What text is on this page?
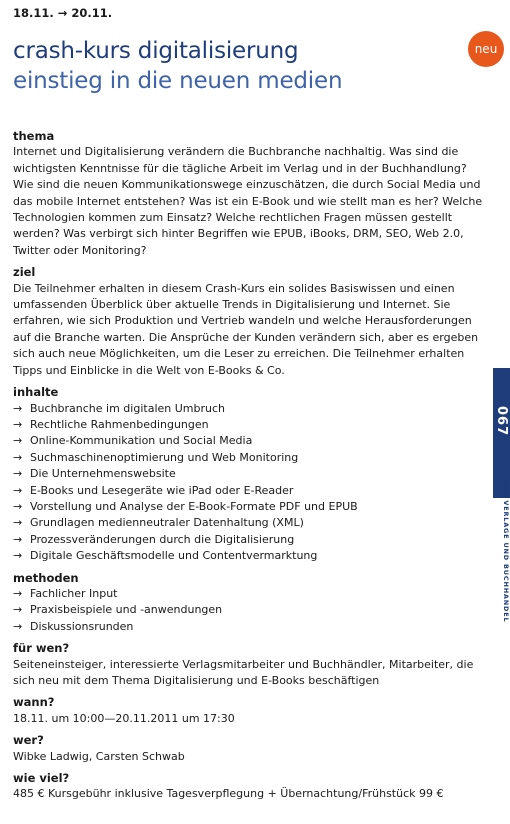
18.11. → 20.11.
crash-kurs digitalisierung
einstieg in die neuen medien
neu
thema
Internet und Digitalisierung verändern die Buchbranche nachhaltig. Was sind die wichtigsten Kenntnisse für die tägliche Arbeit im Verlag und in der Buchhandlung? Wie sind die neuen Kommunikationswege einzuschätzen, die durch Social Media und das mobile Internet entstehen? Was ist ein E-Book und wie stellt man es her? Welche Technologien kommen zum Einsatz? Welche rechtlichen Fragen müssen gestellt werden? Was verbirgt sich hinter Begriffen wie EPUB, iBooks, DRM, SEO, Web 2.0, Twitter oder Monitoring?
ziel
Die Teilnehmer erhalten in diesem Crash-Kurs ein solides Basiswissen und einen umfassenden Überblick über aktuelle Trends in Digitalisierung und Internet. Sie erfahren, wie sich Produktion und Vertrieb wandeln und welche Herausforderungen auf die Branche warten. Die Ansprüche der Kunden verändern sich, aber es ergeben sich auch neue Möglichkeiten, um die Leser zu erreichen. Die Teilnehmer erhalten Tipps und Einblicke in die Welt von E-Books & Co.
inhalte
→ Buchbranche im digitalen Umbruch
→ Rechtliche Rahmenbedingungen
→ Online-Kommunikation und Social Media
→ Suchmaschinenoptimierung und Web Monitoring
→ Die Unternehmenswebsite
→ E-Books und Lesegeräte wie iPad oder E-Reader
→ Vorstellung und Analyse der E-Book-Formate PDF und EPUB
→ Grundlagen medienneutraler Datenhaltung (XML)
→ Prozessveränderungen durch die Digitalisierung
→ Digitale Geschäftsmodelle und Contentvermarktung
methoden
→ Fachlicher Input
→ Praxisbeispiele und -anwendungen
→ Diskussionsrunden
für wen?
Seiteneinsteiger, interessierte Verlagsmitarbeiter und Buchhändler, Mitarbeiter, die sich neu mit dem Thema Digitalisierung und E-Books beschäftigen
wann?
18.11. um 10:00—20.11.2011 um 17:30
wer?
Wibke Ladwig, Carsten Schwab
wie viel?
485 € Kursgebühr inklusive Tagesverpflegung + Übernachtung/Frühstück 99 €
067
SEMINARE VERLAGE UND BUCHHANDEL
